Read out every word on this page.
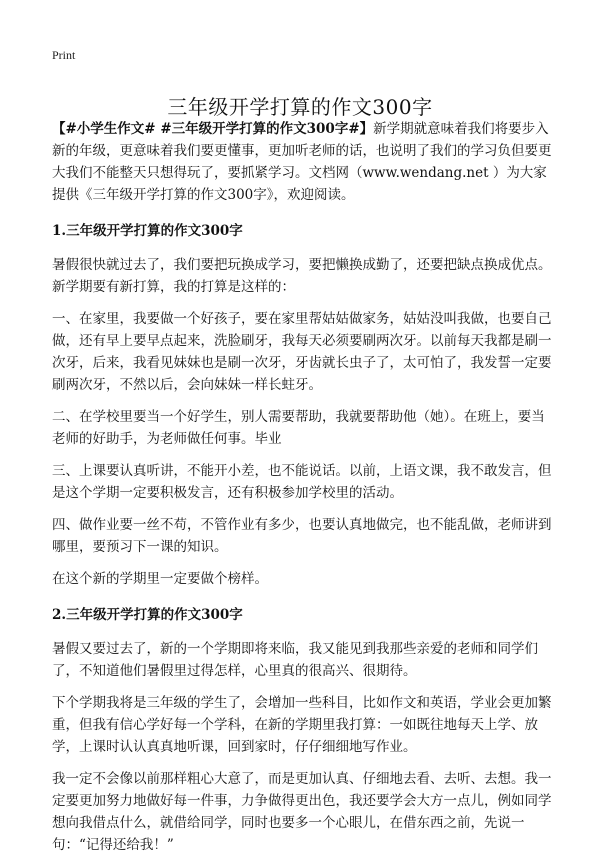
Print
三年级开学打算的作文300字

【#小学生作文# #三年级开学打算的作文300字#】新学期就意味着我们将要步入新的年级，更意味着我们要更懂事，更加听老师的话，也说明了我们的学习负但要更大我们不能整天只想得玩了，要抓紧学习。文档网（www.wendang.net ）为大家提供《三年级开学打算的作文300字》，欢迎阅读。

1.三年级开学打算的作文300字

暑假很快就过去了，我们要把玩换成学习，要把懒换成勤了，还要把缺点换成优点。新学期要有新打算，我的打算是这样的：

一、在家里，我要做一个好孩子，要在家里帮姑姑做家务，姑姑没叫我做，也要自己做，还有早上要早点起来，洗脸刷牙，我每天必须要刷两次牙。以前每天我都是刷一次牙，后来，我看见妹妹也是刷一次牙，牙齿就长虫子了，太可怕了，我发誓一定要刷两次牙，不然以后，会向妹妹一样长蛀牙。

二、在学校里要当一个好学生，别人需要帮助，我就要帮助他（她）。在班上，要当老师的好助手，为老师做任何事。毕业

三、上课要认真听讲，不能开小差，也不能说话。以前，上语文课，我不敢发言，但是这个学期一定要积极发言，还有积极参加学校里的活动。

四、做作业要一丝不苟，不管作业有多少，也要认真地做完，也不能乱做，老师讲到哪里，要预习下一课的知识。

在这个新的学期里一定要做个榜样。

2.三年级开学打算的作文300字

暑假又要过去了，新的一个学期即将来临，我又能见到我那些亲爱的老师和同学们了，不知道他们暑假里过得怎样，心里真的很高兴、很期待。

下个学期我将是三年级的学生了，会增加一些科目，比如作文和英语，学业会更加繁重，但我有信心学好每一个学科，在新的学期里我打算：一如既往地每天上学、放学，上课时认认真真地听课，回到家时，仔仔细细地写作业。

我一定不会像以前那样粗心大意了，而是更加认真、仔细地去看、去听、去想。我一定要更加努力地做好每一件事，力争做得更出色，我还要学会大方一点儿，例如同学想向我借点什么，就借给同学，同时也要多一个心眼儿，在借东西之前，先说一句：“记得还给我！”
